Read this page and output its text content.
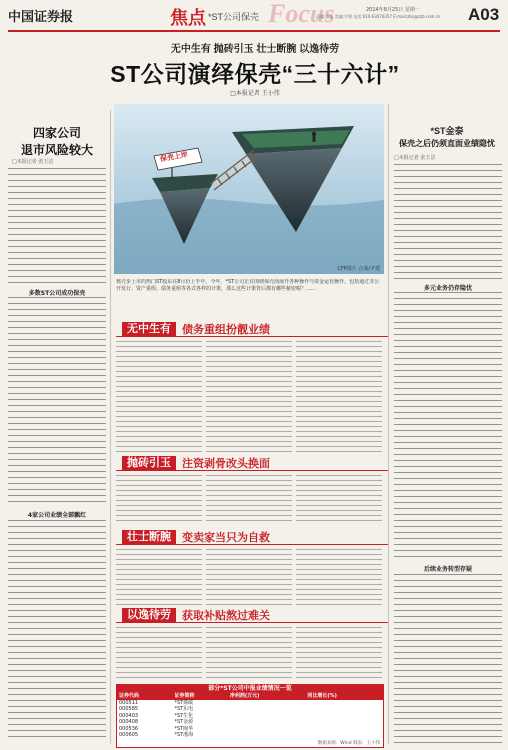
中国证券报	焦点 *ST公司保壳 Focus	2014年8月25日 星期一
责编:张昊 美编:尹建 电话:010-63070357 E-mail:zbs@zzb.com.cn A03
无中生有 抛砖引玉 壮士断腕 以逸待劳
ST公司演绎保壳“三十六计”
□本报记者 王小伟
四家公司
退市风险较大
□本报记者 张玉洁
多数ST公司成功保壳
4家公司业绩全部飘红
保壳上岸
CFP图片 合成/尹建
核壳步上市的热门ST股东在8月份上半年，今年，*ST公司正在围绕保壳而展开各种操作与资金运营操作，包括通过非公开发行、资产重组、债务重组等各式各样的计策，那么这些计策背后都有哪些秘密呢？……
*ST金泰
保壳之后仍须直面业绩隐忧
□本报记者 张玉洁
多元业务仍存隐忧
后续业务转型存疑
无中生有	债务重组扮靓业绩
抛砖引玉	注资剥骨改头换面
壮士断腕	变卖家当只为自救
以逸待劳	获取补贴熬过难关
部分*ST公司中报业绩情况一览
证券代码	证券简称	净利润(万元)	同比增长(%)
000511	*ST烯碳		
000585	*ST东电		
000403	*ST生化		
000408	*ST金源		
000536	*ST闽华		
000605	*ST渤海		
数据来源：Wind 制表：王小伟
